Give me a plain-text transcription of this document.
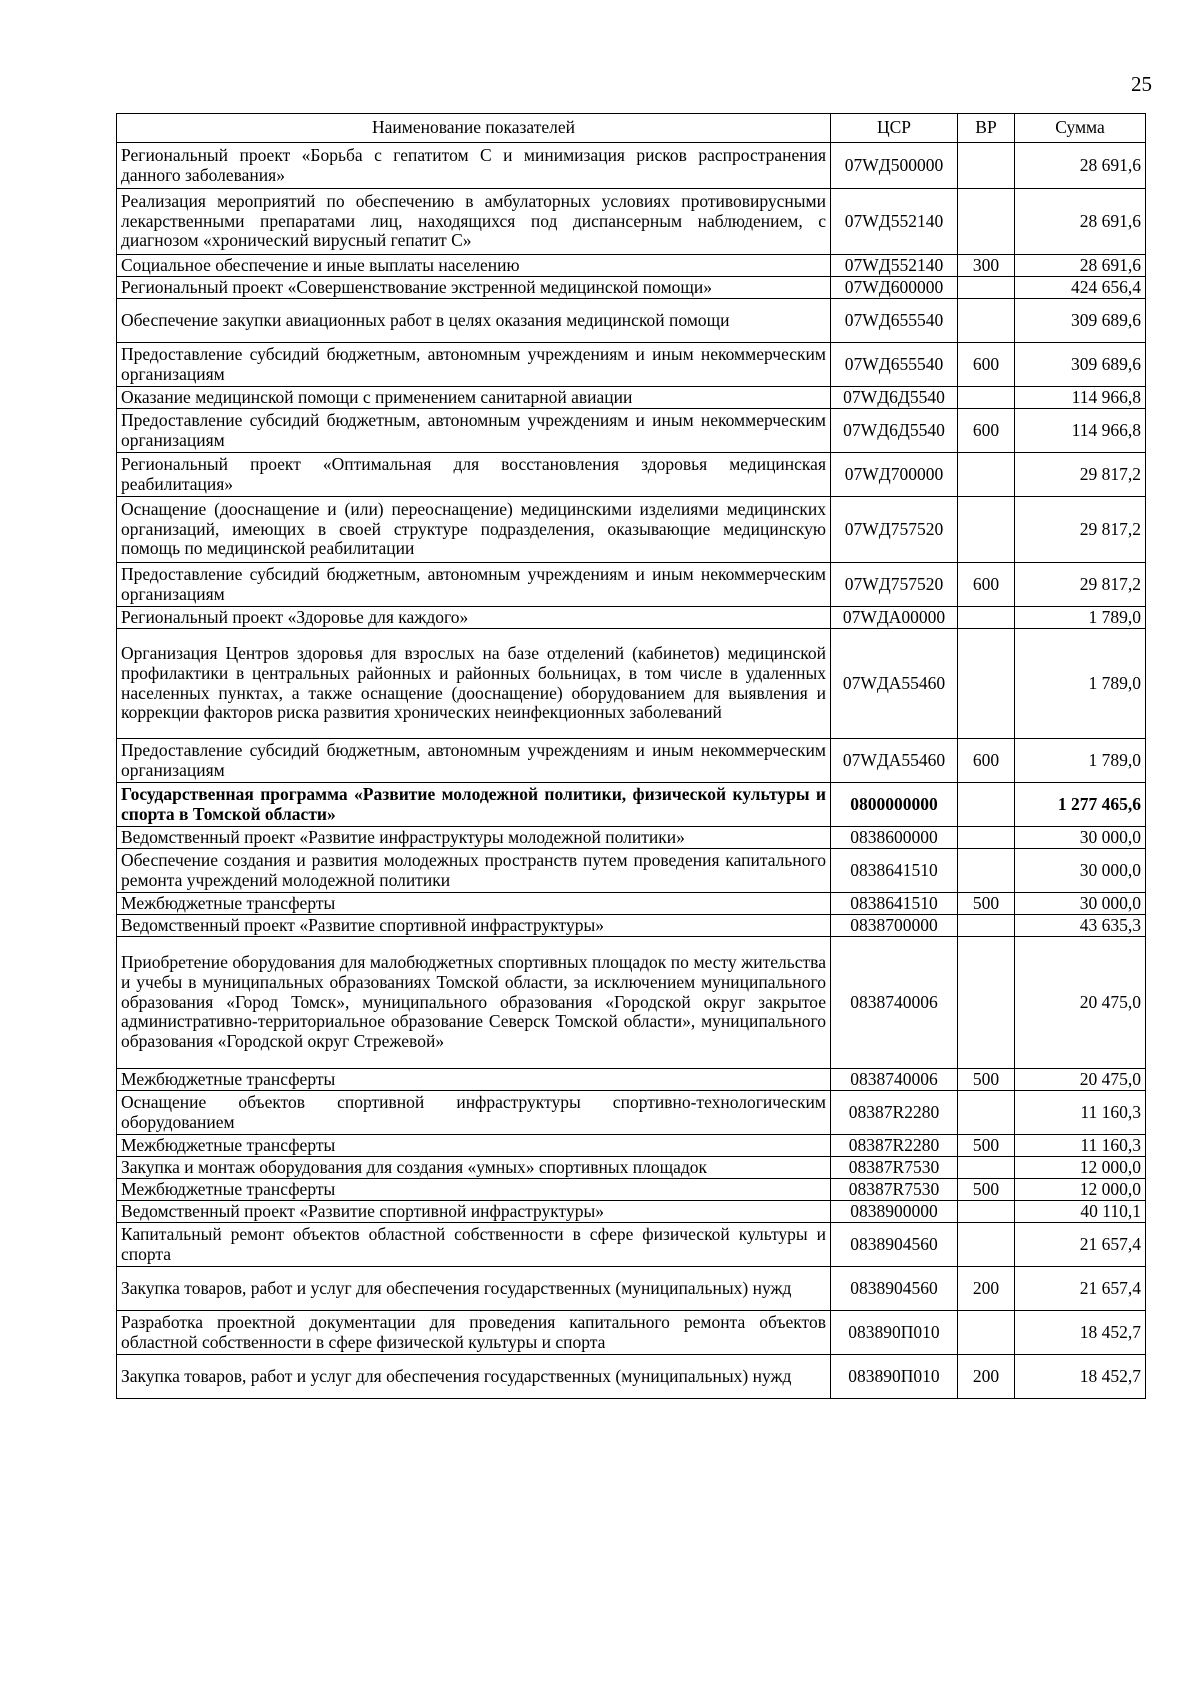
25
Наименование показателей	ЦСР	ВР	Сумма
Региональный проект «Борьба с гепатитом С и минимизация рисков распространения данного заболевания»	07WД500000		28 691,6
Реализация мероприятий по обеспечению в амбулаторных условиях противовирусными лекарственными препаратами лиц, находящихся под диспансерным наблюдением, с диагнозом «хронический вирусный гепатит С»	07WД552140		28 691,6
Социальное обеспечение и иные выплаты населению	07WД552140	300	28 691,6
Региональный проект «Совершенствование экстренной медицинской помощи»	07WД600000		424 656,4
Обеспечение закупки авиационных работ в целях оказания медицинской помощи	07WД655540		309 689,6
Предоставление субсидий бюджетным, автономным учреждениям и иным некоммерческим организациям	07WД655540	600	309 689,6
Оказание медицинской помощи с применением санитарной авиации	07WД6Д5540		114 966,8
Предоставление субсидий бюджетным, автономным учреждениям и иным некоммерческим организациям	07WД6Д5540	600	114 966,8
Региональный проект «Оптимальная для восстановления здоровья медицинская реабилитация»	07WД700000		29 817,2
Оснащение (дооснащение и (или) переоснащение) медицинскими изделиями медицинских организаций, имеющих в своей структуре подразделения, оказывающие медицинскую помощь по медицинской реабилитации	07WД757520		29 817,2
Предоставление субсидий бюджетным, автономным учреждениям и иным некоммерческим организациям	07WД757520	600	29 817,2
Региональный проект «Здоровье для каждого»	07WДА00000		1 789,0
Организация Центров здоровья для взрослых на базе отделений (кабинетов) медицинской профилактики в центральных районных и районных больницах, в том числе в удаленных населенных пунктах, а также оснащение (дооснащение) оборудованием для выявления и коррекции факторов риска развития хронических неинфекционных заболеваний	07WДА55460		1 789,0
Предоставление субсидий бюджетным, автономным учреждениям и иным некоммерческим организациям	07WДА55460	600	1 789,0
Государственная программа «Развитие молодежной политики, физической культуры и спорта в Томской области»	0800000000		1 277 465,6
Ведомственный проект «Развитие инфраструктуры молодежной политики»	0838600000		30 000,0
Обеспечение создания и развития молодежных пространств путем проведения капитального ремонта учреждений молодежной политики	0838641510		30 000,0
Межбюджетные трансферты	0838641510	500	30 000,0
Ведомственный проект «Развитие спортивной инфраструктуры»	0838700000		43 635,3
Приобретение оборудования для малобюджетных спортивных площадок по месту жительства и учебы в муниципальных образованиях Томской области, за исключением муниципального образования «Город Томск», муниципального образования «Городской округ закрытое административно-территориальное образование Северск Томской области», муниципального образования «Городской округ Стрежевой»	0838740006		20 475,0
Межбюджетные трансферты	0838740006	500	20 475,0
Оснащение объектов спортивной инфраструктуры спортивно-технологическим оборудованием	08387R2280		11 160,3
Межбюджетные трансферты	08387R2280	500	11 160,3
Закупка и монтаж оборудования для создания «умных» спортивных площадок	08387R7530		12 000,0
Межбюджетные трансферты	08387R7530	500	12 000,0
Ведомственный проект «Развитие спортивной инфраструктуры»	0838900000		40 110,1
Капитальный ремонт объектов областной собственности в сфере физической культуры и спорта	0838904560		21 657,4
Закупка товаров, работ и услуг для обеспечения государственных (муниципальных) нужд	0838904560	200	21 657,4
Разработка проектной документации для проведения капитального ремонта объектов областной собственности в сфере физической культуры и спорта	083890П010		18 452,7
Закупка товаров, работ и услуг для обеспечения государственных (муниципальных) нужд	083890П010	200	18 452,7
